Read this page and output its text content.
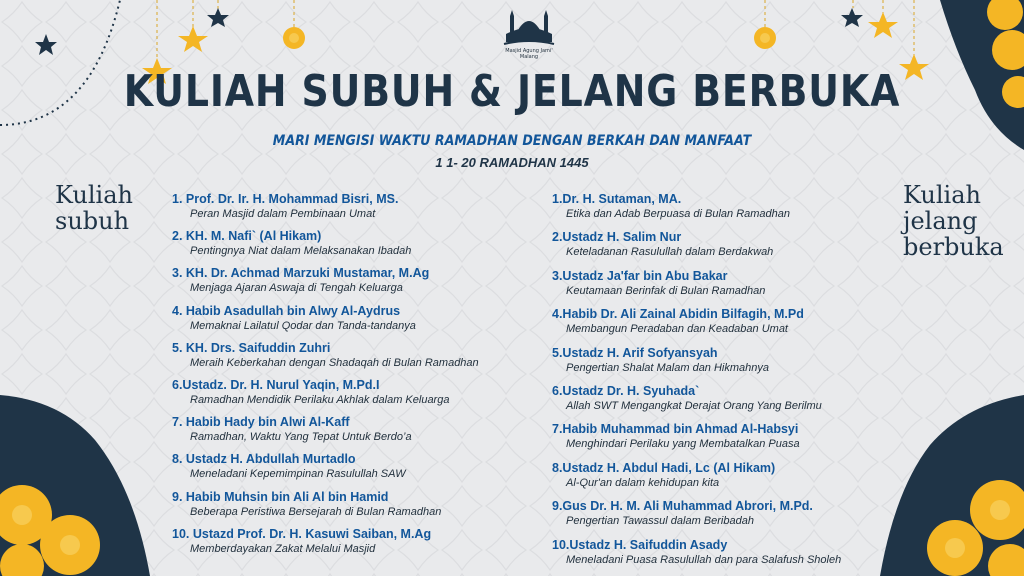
Masjid Agung Jami' Malang
KULIAH SUBUH & JELANG BERBUKA
MARI MENGISI WAKTU RAMADHAN DENGAN BERKAH DAN MANFAAT
1 1- 20 RAMADHAN 1445
Kuliah
subuh
Kuliah
jelang
berbuka
1. Prof. Dr. Ir. H. Mohammad Bisri, MS.
Peran Masjid dalam Pembinaan Umat
2. KH. M. Nafi` (Al Hikam)
Pentingnya Niat dalam Melaksanakan Ibadah
3. KH. Dr. Achmad Marzuki Mustamar, M.Ag
Menjaga Ajaran Aswaja di Tengah Keluarga
4. Habib Asadullah bin Alwy Al-Aydrus
Memaknai Lailatul Qodar dan Tanda-tandanya
5. KH. Drs. Saifuddin Zuhri
Meraih Keberkahan dengan Shadaqah di Bulan Ramadhan
6.Ustadz. Dr. H. Nurul Yaqin, M.Pd.I
Ramadhan Mendidik Perilaku Akhlak dalam Keluarga
7. Habib Hady bin Alwi Al-Kaff
Ramadhan, Waktu Yang Tepat Untuk Berdo’a
8. Ustadz H. Abdullah Murtadlo
Meneladani Kepemimpinan Rasulullah SAW
9. Habib Muhsin bin Ali Al bin Hamid
Beberapa Peristiwa Bersejarah di Bulan Ramadhan
10. Ustazd Prof. Dr. H. Kasuwi Saiban, M.Ag
Memberdayakan Zakat Melalui Masjid
1.Dr. H. Sutaman, MA.
Etika dan Adab Berpuasa di Bulan Ramadhan
2.Ustadz H. Salim Nur
Keteladanan Rasulullah dalam Berdakwah
3.Ustadz Ja'far bin Abu Bakar
Keutamaan Berinfak di Bulan Ramadhan
4.Habib Dr. Ali Zainal Abidin Bilfagih, M.Pd
Membangun Peradaban dan Keadaban Umat
5.Ustadz H. Arif Sofyansyah
Pengertian Shalat Malam dan Hikmahnya
6.Ustadz Dr. H. Syuhada`
Allah SWT Mengangkat Derajat Orang Yang Berilmu
7.Habib Muhammad bin Ahmad Al-Habsyi
Menghindari Perilaku yang Membatalkan Puasa
8.Ustadz H. Abdul Hadi, Lc (Al Hikam)
Al-Qur'an dalam kehidupan kita
9.Gus Dr. H. M. Ali Muhammad Abrori, M.Pd.
Pengertian Tawassul dalam Beribadah
10.Ustadz H. Saifuddin Asady
Meneladani Puasa Rasulullah dan para Salafush Sholeh
